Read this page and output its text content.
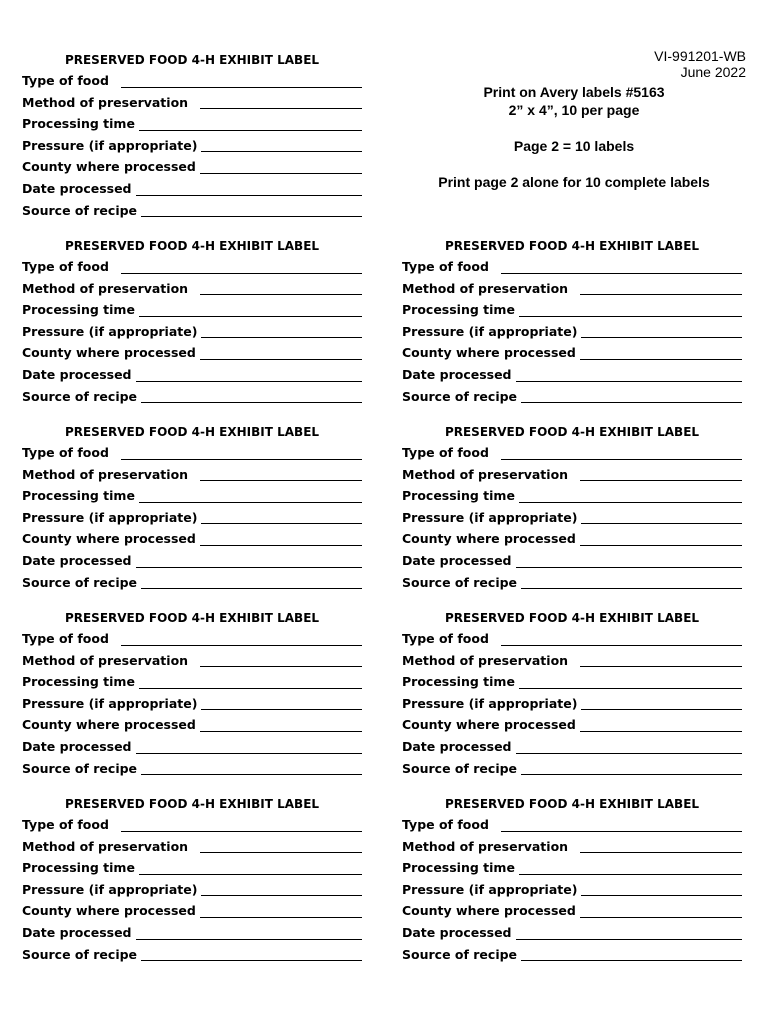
VI-991201-WB
June 2022
Print on Avery labels #5163
2” x 4”, 10 per page
Page 2 = 10 labels
Print page 2 alone for 10 complete labels
PRESERVED FOOD 4-H EXHIBIT LABEL
Type of food
Method of preservation
Processing time
Pressure (if appropriate)
County where processed
Date processed
Source of recipe
PRESERVED FOOD 4-H EXHIBIT LABEL
Type of food
Method of preservation
Processing time
Pressure (if appropriate)
County where processed
Date processed
Source of recipe
PRESERVED FOOD 4-H EXHIBIT LABEL
Type of food
Method of preservation
Processing time
Pressure (if appropriate)
County where processed
Date processed
Source of recipe
PRESERVED FOOD 4-H EXHIBIT LABEL
Type of food
Method of preservation
Processing time
Pressure (if appropriate)
County where processed
Date processed
Source of recipe
PRESERVED FOOD 4-H EXHIBIT LABEL
Type of food
Method of preservation
Processing time
Pressure (if appropriate)
County where processed
Date processed
Source of recipe
PRESERVED FOOD 4-H EXHIBIT LABEL
Type of food
Method of preservation
Processing time
Pressure (if appropriate)
County where processed
Date processed
Source of recipe
PRESERVED FOOD 4-H EXHIBIT LABEL
Type of food
Method of preservation
Processing time
Pressure (if appropriate)
County where processed
Date processed
Source of recipe
PRESERVED FOOD 4-H EXHIBIT LABEL
Type of food
Method of preservation
Processing time
Pressure (if appropriate)
County where processed
Date processed
Source of recipe
PRESERVED FOOD 4-H EXHIBIT LABEL
Type of food
Method of preservation
Processing time
Pressure (if appropriate)
County where processed
Date processed
Source of recipe
